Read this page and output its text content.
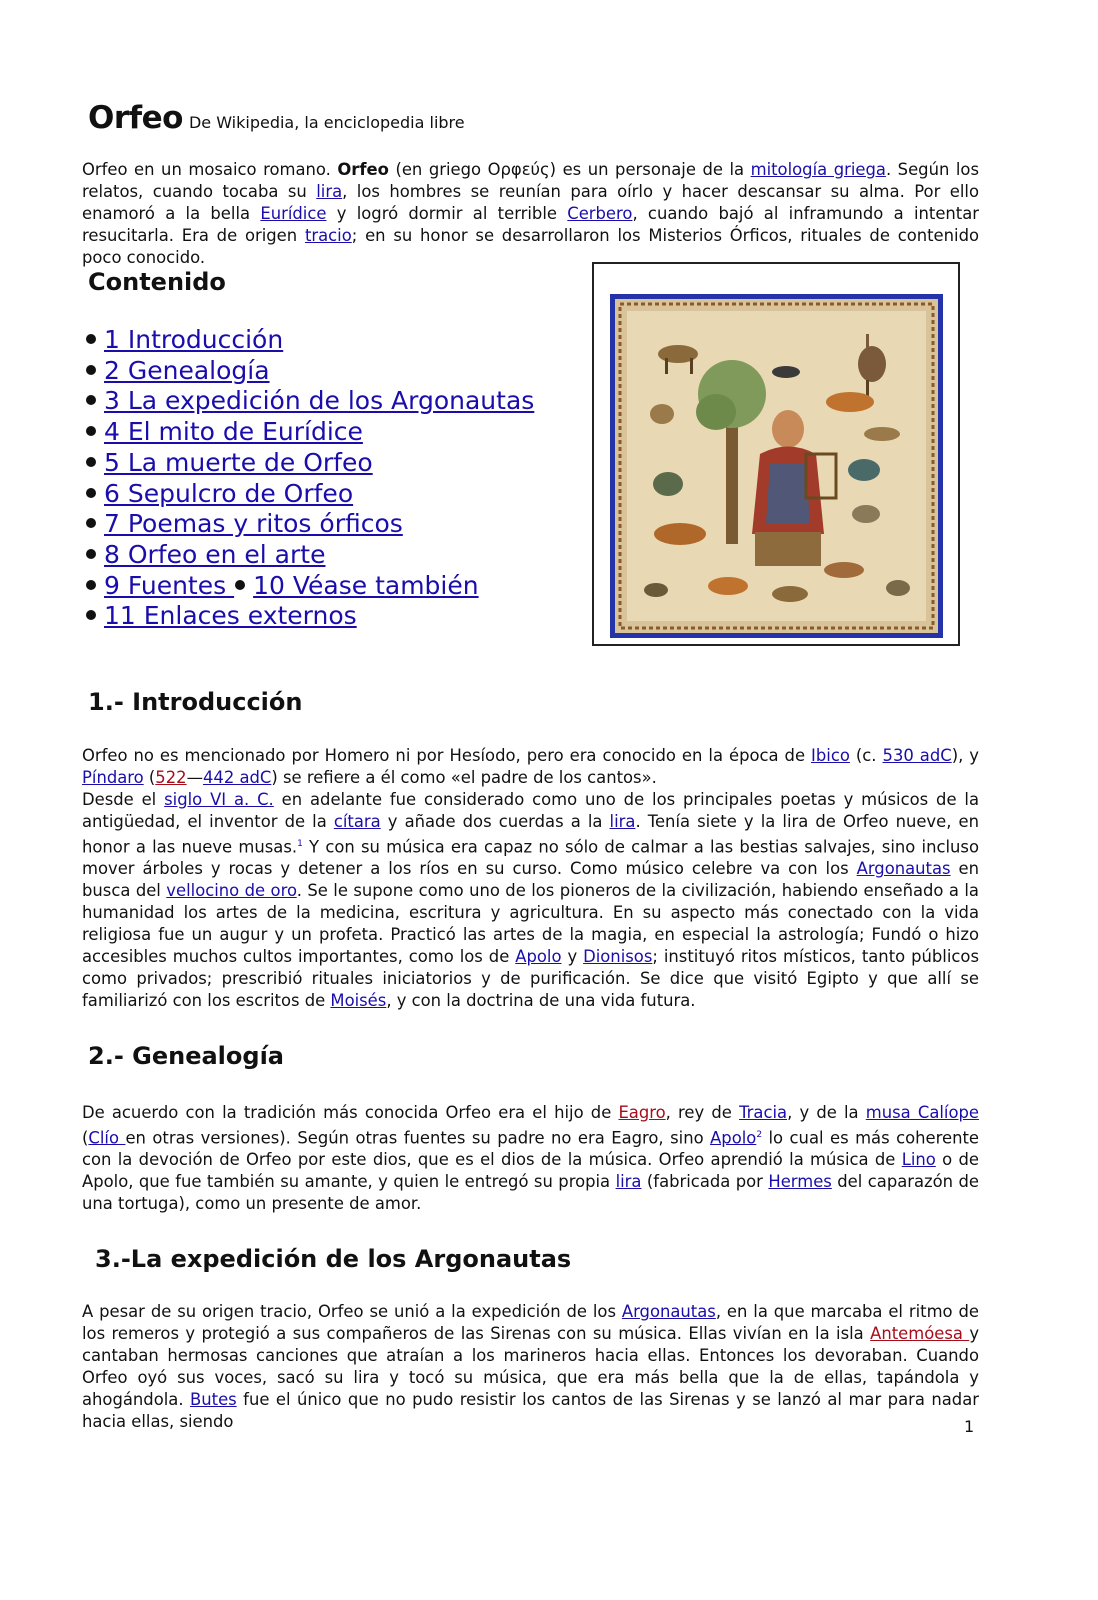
Orfeo De Wikipedia, la enciclopedia libre

Orfeo en un mosaico romano. Orfeo (en griego Ορφεύς) es un personaje de la mitología griega. Según los relatos, cuando tocaba su lira, los hombres se reunían para oírlo y hacer descansar su alma. Por ello enamoró a la bella Eurídice y logró dormir al terrible Cerbero, cuando bajó al inframundo a intentar resucitarla. Era de origen tracio; en su honor se desarrollaron los Misterios Órficos, rituales de contenido poco conocido.

Contenido
1 Introducción
2 Genealogía
3 La expedición de los Argonautas
4 El mito de Eurídice
5 La muerte de Orfeo
6 Sepulcro de Orfeo
7 Poemas y ritos órficos
8 Orfeo en el arte
9 Fuentes 10 Véase también
11 Enlaces externos
1.- Introducción

Orfeo no es mencionado por Homero ni por Hesíodo, pero era conocido en la época de Ibico (c. 530 adC), y Píndaro (522—442 adC) se refiere a él como «el padre de los cantos».

Desde el siglo VI a. C. en adelante fue considerado como uno de los principales poetas y músicos de la antigüedad, el inventor de la cítara y añade dos cuerdas a la lira. Tenía siete y la lira de Orfeo nueve, en honor a las nueve musas.$^1$ Y con su música era capaz no sólo de calmar a las bestias salvajes, sino incluso mover árboles y rocas y detener a los ríos en su curso. Como músico celebre va con los Argonautas en busca del vellocino de oro. Se le supone como uno de los pioneros de la civilización, habiendo enseñado a la humanidad los artes de la medicina, escritura y agricultura. En su aspecto más conectado con la vida religiosa fue un augur y un profeta. Practicó las artes de la magia, en especial la astrología; Fundó o hizo accesibles muchos cultos importantes, como los de Apolo y Dionisos; instituyó ritos místicos, tanto públicos como privados; prescribió rituales iniciatorios y de purificación. Se dice que visitó Egipto y que allí se familiarizó con los escritos de Moisés, y con la doctrina de una vida futura.

2.- Genealogía

De acuerdo con la tradición más conocida Orfeo era el hijo de Eagro, rey de Tracia, y de la musa Calíope (Clío en otras versiones). Según otras fuentes su padre no era Eagro, sino Apolo$^2$ lo cual es más coherente con la devoción de Orfeo por este dios, que es el dios de la música. Orfeo aprendió la música de Lino o de Apolo, que fue también su amante, y quien le entregó su propia lira (fabricada por Hermes del caparazón de una tortuga), como un presente de amor.

3.-La expedición de los Argonautas

A pesar de su origen tracio, Orfeo se unió a la expedición de los Argonautas, en la que marcaba el ritmo de los remeros y protegió a sus compañeros de las Sirenas con su música. Ellas vivían en la isla Antemóesa y cantaban hermosas canciones que atraían a los marineros hacia ellas. Entonces los devoraban. Cuando Orfeo oyó sus voces, sacó su lira y tocó su música, que era más bella que la de ellas, tapándola y ahogándola. Butes fue el único que no pudo resistir los cantos de las Sirenas y se lanzó al mar para nadar hacia ellas, siendo	1
